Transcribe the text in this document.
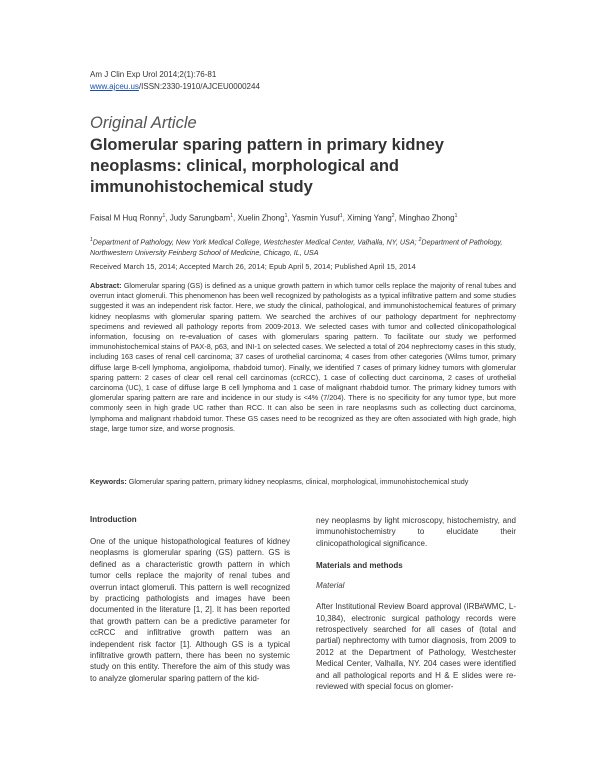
Am J Clin Exp Urol 2014;2(1):76-81
www.ajceu.us/ISSN:2330-1910/AJCEU0000244
Original Article
Glomerular sparing pattern in primary kidney
neoplasms: clinical, morphological and
immunohistochemical study
Faisal M Huq Ronny$^1$, Judy Sarungbam$^1$, Xuelin Zhong$^1$, Yasmin Yusuf$^1$, Ximing Yang$^2$, Minghao Zhong$^1$
$^1$Department of Pathology, New York Medical College, Westchester Medical Center, Valhalla, NY, USA; $^2$Department of Pathology, Northwestern University Feinberg School of Medicine, Chicago, IL, USA
Received March 15, 2014; Accepted March 26, 2014; Epub April 5, 2014; Published April 15, 2014
Abstract: Glomerular sparing (GS) is defined as a unique growth pattern in which tumor cells replace the majority of renal tubes and overrun intact glomeruli. This phenomenon has been well recognized by pathologists as a typical infiltrative pattern and some studies suggested it was an independent risk factor. Here, we study the clinical, pathological, and immunohistochemical features of primary kidney neoplasms with glomerular sparing pattern. We searched the archives of our pathology department for nephrectomy specimens and reviewed all pathology reports from 2009-2013. We selected cases with tumor and collected clinicopathological information, focusing on re-evaluation of cases with glomerulars sparing pattern. To facilitate our study we performed immunohistochemical stains of PAX-8, p63, and INI-1 on selected cases. We selected a total of 204 nephrectomy cases in this study, including 163 cases of renal cell carcinoma; 37 cases of urothelial carcinoma; 4 cases from other categories (Wilms tumor, primary diffuse large B-cell lymphoma, angiolipoma, rhabdoid tumor). Finally, we identified 7 cases of primary kidney tumors with glomerular sparing pattern: 2 cases of clear cell renal cell carcinomas (ccRCC), 1 case of collecting duct carcinoma, 2 cases of urothelial carcinoma (UC), 1 case of diffuse large B cell lymphoma and 1 case of malignant rhabdoid tumor. The primary kidney tumors with glomerular sparing pattern are rare and incidence in our study is <4% (7/204). There is no specificity for any tumor type, but more commonly seen in high grade UC rather than RCC. It can also be seen in rare neoplasms such as collecting duct carcinoma, lymphoma and malignant rhabdoid tumor. These GS cases need to be recognized as they are often associated with high grade, high stage, large tumor size, and worse prognosis.
Keywords: Glomerular sparing pattern, primary kidney neoplasms, clinical, morphological, immunohistochemical study

Introduction

One of the unique histopathological features of kidney neoplasms is glomerular sparing (GS) pattern. GS is defined as a characteristic growth pattern in which tumor cells replace the majority of renal tubes and overrun intact glomeruli. This pattern is well recognized by practicing pathologists and images have been documented in the literature [1, 2]. It has been reported that growth pattern can be a predictive parameter for ccRCC and infiltrative growth pattern was an independent risk factor [1]. Although GS is a typical infiltrative growth pattern, there has been no systemic study on this entity. Therefore the aim of this study was to analyze glomerular sparing pattern of the kid-

ney neoplasms by light microscopy, histochemistry, and immunohistochemistry to elucidate their clinicopathological significance.

Materials and methods

Material

After Institutional Review Board approval (IRB#WMC, L-10,384), electronic surgical pathology records were retrospectively searched for all cases of (total and partial) nephrectomy with tumor diagnosis, from 2009 to 2012 at the Department of Pathology, Westchester Medical Center, Valhalla, NY. 204 cases were identified and all pathological reports and H & E slides were re-reviewed with special focus on glomer-
